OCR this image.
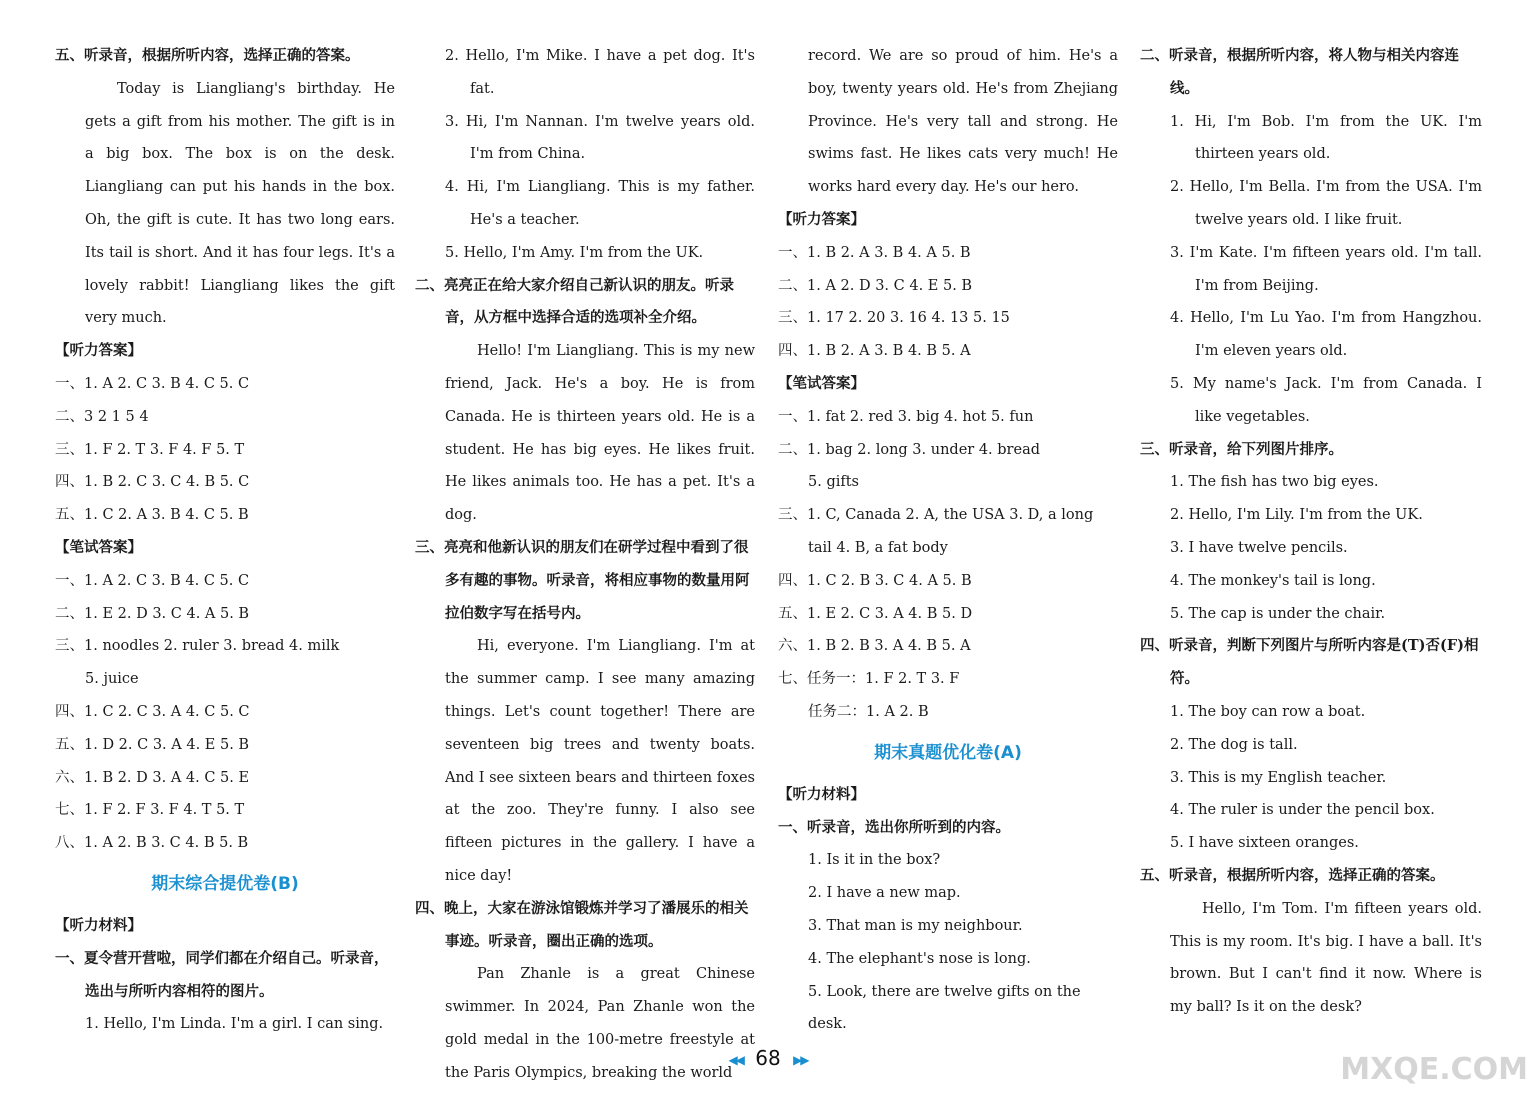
五、听录音，根据所听内容，选择正确的答案。

Today is Liangliang's birthday. He gets a gift from his mother. The gift is in a big box. The box is on the desk. Liangliang can put his hands in the box. Oh, the gift is cute. It has two long ears. Its tail is short. And it has four legs. It's a lovely rabbit! Liangliang likes the gift very much.

【听力答案】

一、1. A 2. C 3. B 4. C 5. C

二、3 2 1 5 4

三、1. F 2. T 3. F 4. F 5. T

四、1. B 2. C 3. C 4. B 5. C

五、1. C 2. A 3. B 4. C 5. B

【笔试答案】

一、1. A 2. C 3. B 4. C 5. C

二、1. E 2. D 3. C 4. A 5. B

三、1. noodles 2. ruler 3. bread 4. milk

5. juice

四、1. C 2. C 3. A 4. C 5. C

五、1. D 2. C 3. A 4. E 5. B

六、1. B 2. D 3. A 4. C 5. E

七、1. F 2. F 3. F 4. T 5. T

八、1. A 2. B 3. C 4. B 5. B

期末综合提优卷(B)

【听力材料】

一、夏令营开营啦，同学们都在介绍自己。听录音，选出与所听内容相符的图片。

1. Hello, I'm Linda. I'm a girl. I can sing.

2. Hello, I'm Mike. I have a pet dog. It's fat.

3. Hi, I'm Nannan. I'm twelve years old. I'm from China.

4. Hi, I'm Liangliang. This is my father. He's a teacher.

5. Hello, I'm Amy. I'm from the UK.

二、亮亮正在给大家介绍自己新认识的朋友。听录音，从方框中选择合适的选项补全介绍。

Hello! I'm Liangliang. This is my new friend, Jack. He's a boy. He is from Canada. He is thirteen years old. He is a student. He has big eyes. He likes fruit. He likes animals too. He has a pet. It's a dog.

三、亮亮和他新认识的朋友们在研学过程中看到了很多有趣的事物。听录音，将相应事物的数量用阿拉伯数字写在括号内。

Hi, everyone. I'm Liangliang. I'm at the summer camp. I see many amazing things. Let's count together! There are seventeen big trees and twenty boats. And I see sixteen bears and thirteen foxes at the zoo. They're funny. I also see fifteen pictures in the gallery. I have a nice day!

四、晚上，大家在游泳馆锻炼并学习了潘展乐的相关事迹。听录音，圈出正确的选项。

Pan Zhanle is a great Chinese swimmer. In 2024, Pan Zhanle won the gold medal in the 100-metre freestyle at the Paris Olympics, breaking the world

record. We are so proud of him. He's a boy, twenty years old. He's from Zhejiang Province. He's very tall and strong. He swims fast. He likes cats very much! He works hard every day. He's our hero.

【听力答案】

一、1. B 2. A 3. B 4. A 5. B

二、1. A 2. D 3. C 4. E 5. B

三、1. 17 2. 20 3. 16 4. 13 5. 15

四、1. B 2. A 3. B 4. B 5. A

【笔试答案】

一、1. fat 2. red 3. big 4. hot 5. fun

二、1. bag 2. long 3. under 4. bread

5. gifts

三、1. C, Canada 2. A, the USA 3. D, a long tail 4. B, a fat body

四、1. C 2. B 3. C 4. A 5. B

五、1. E 2. C 3. A 4. B 5. D

六、1. B 2. B 3. A 4. B 5. A

七、任务一：1. F 2. T 3. F

任务二：1. A 2. B

期末真题优化卷(A)

【听力材料】

一、听录音，选出你所听到的内容。

1. Is it in the box?

2. I have a new map.

3. That man is my neighbour.

4. The elephant's nose is long.

5. Look, there are twelve gifts on the desk.

二、听录音，根据所听内容，将人物与相关内容连线。

1. Hi, I'm Bob. I'm from the UK. I'm thirteen years old.

2. Hello, I'm Bella. I'm from the USA. I'm twelve years old. I like fruit.

3. I'm Kate. I'm fifteen years old. I'm tall. I'm from Beijing.

4. Hello, I'm Lu Yao. I'm from Hangzhou. I'm eleven years old.

5. My name's Jack. I'm from Canada. I like vegetables.

三、听录音，给下列图片排序。

1. The fish has two big eyes.

2. Hello, I'm Lily. I'm from the UK.

3. I have twelve pencils.

4. The monkey's tail is long.

5. The cap is under the chair.

四、听录音，判断下列图片与所听内容是(T)否(F)相符。

1. The boy can row a boat.

2. The dog is tall.

3. This is my English teacher.

4. The ruler is under the pencil box.

5. I have sixteen oranges.

五、听录音，根据所听内容，选择正确的答案。

Hello, I'm Tom. I'm fifteen years old. This is my room. It's big. I have a ball. It's brown. But I can't find it now. Where is my ball? Is it on the desk?

◀◀ 68 ▶▶	MXQE.COM
